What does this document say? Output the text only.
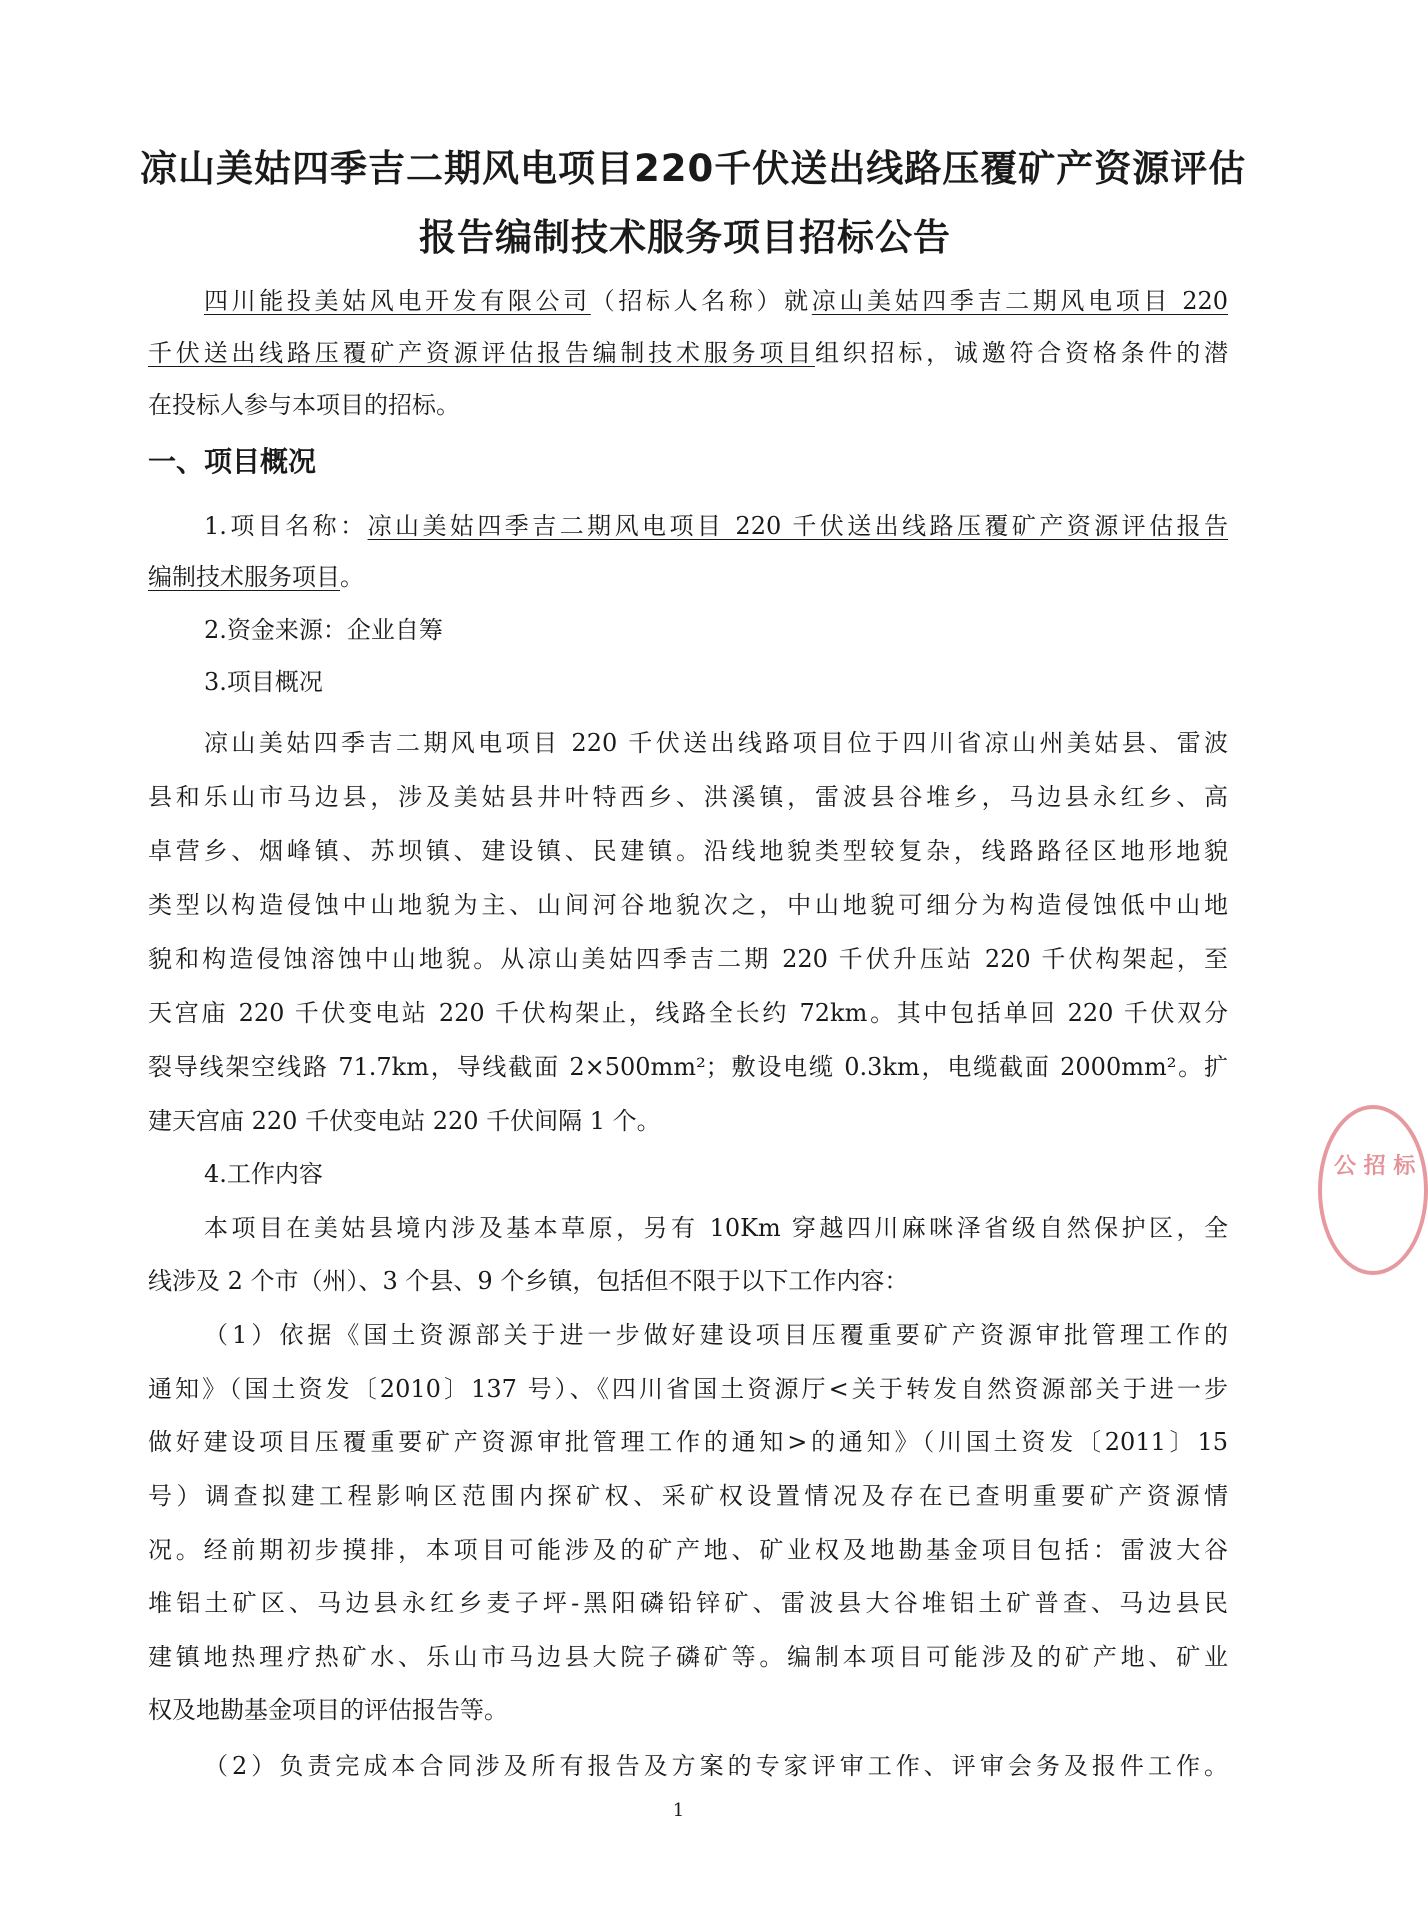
凉山美姑四季吉二期风电项目220千伏送出线路压覆矿产资源评估
报告编制技术服务项目招标公告
四川能投美姑风电开发有限公司（招标人名称）就凉山美姑四季吉二期风电项目 220
千伏送出线路压覆矿产资源评估报告编制技术服务项目组织招标，诚邀符合资格条件的潜
在投标人参与本项目的招标。
一、项目概况
1.项目名称：凉山美姑四季吉二期风电项目 220 千伏送出线路压覆矿产资源评估报告
编制技术服务项目。
2.资金来源：企业自筹
3.项目概况
凉山美姑四季吉二期风电项目 220 千伏送出线路项目位于四川省凉山州美姑县、雷波
县和乐山市马边县，涉及美姑县井叶特西乡、洪溪镇，雷波县谷堆乡，马边县永红乡、高
卓营乡、烟峰镇、苏坝镇、建设镇、民建镇。沿线地貌类型较复杂，线路路径区地形地貌
类型以构造侵蚀中山地貌为主、山间河谷地貌次之，中山地貌可细分为构造侵蚀低中山地
貌和构造侵蚀溶蚀中山地貌。从凉山美姑四季吉二期 220 千伏升压站 220 千伏构架起，至
天宫庙 220 千伏变电站 220 千伏构架止，线路全长约 72km。其中包括单回 220 千伏双分
裂导线架空线路 71.7km，导线截面 2×500mm²；敷设电缆 0.3km，电缆截面 2000mm²。扩
建天宫庙 220 千伏变电站 220 千伏间隔 1 个。
4.工作内容
本项目在美姑县境内涉及基本草原，另有 10Km 穿越四川麻咪泽省级自然保护区，全
线涉及 2 个市（州）、3 个县、9 个乡镇，包括但不限于以下工作内容：
（1）依据《国土资源部关于进一步做好建设项目压覆重要矿产资源审批管理工作的
通知》（国土资发〔2010〕137 号）、《四川省国土资源厅<关于转发自然资源部关于进一步
做好建设项目压覆重要矿产资源审批管理工作的通知>的通知》（川国土资发〔2011〕15
号）调查拟建工程影响区范围内探矿权、采矿权设置情况及存在已查明重要矿产资源情
况。经前期初步摸排，本项目可能涉及的矿产地、矿业权及地勘基金项目包括：雷波大谷
堆铝土矿区、马边县永红乡麦子坪-黑阳磷铅锌矿、雷波县大谷堆铝土矿普查、马边县民
建镇地热理疗热矿水、乐山市马边县大院子磷矿等。编制本项目可能涉及的矿产地、矿业
权及地勘基金项目的评估报告等。
（2）负责完成本合同涉及所有报告及方案的专家评审工作、评审会务及报件工作。
1
公 招 标
